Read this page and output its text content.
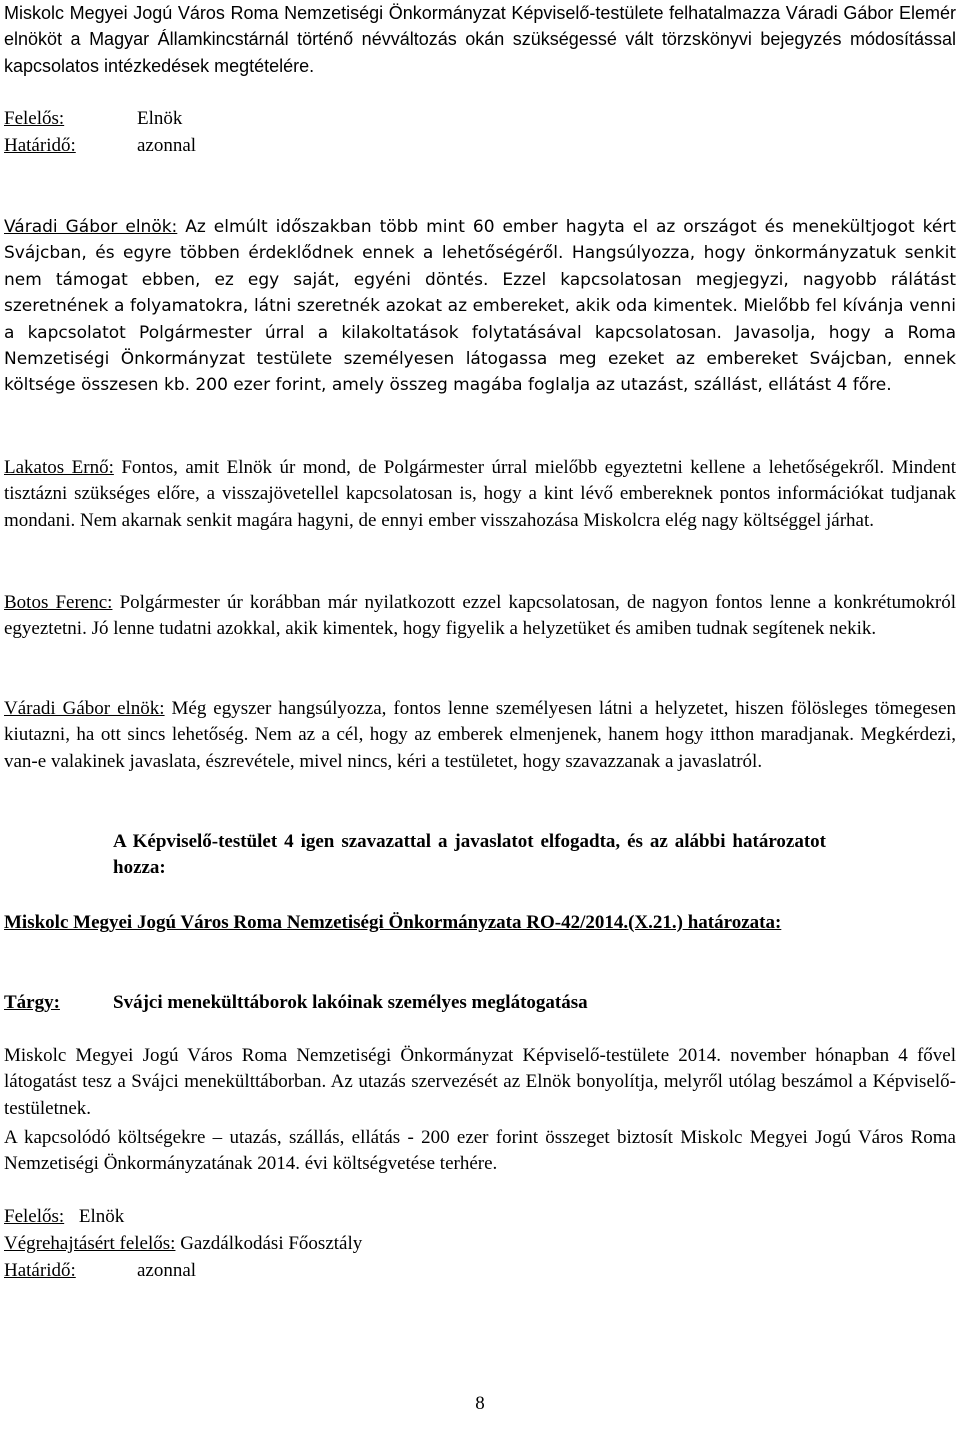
Miskolc Megyei Jogú Város Roma Nemzetiségi Önkormányzat Képviselő-testülete felhatalmazza Váradi Gábor Elemér elnököt a Magyar Államkincstárnál történő névváltozás okán szükségessé vált törzskönyvi bejegyzés módosítással kapcsolatos intézkedések megtételére.

Felelős:	Elnök

Határidő:	azonnal

Váradi Gábor elnök: Az elmúlt időszakban több mint 60 ember hagyta el az országot és menekültjogot kért Svájcban, és egyre többen érdeklődnek ennek a lehetőségéről. Hangsúlyozza, hogy önkormányzatuk senkit nem támogat ebben, ez egy saját, egyéni döntés. Ezzel kapcsolatosan megjegyzi, nagyobb rálátást szeretnének a folyamatokra, látni szeretnék azokat az embereket, akik oda kimentek. Mielőbb fel kívánja venni a kapcsolatot Polgármester úrral a kilakoltatások folytatásával kapcsolatosan. Javasolja, hogy a Roma Nemzetiségi Önkormányzat testülete személyesen látogassa meg ezeket az embereket Svájcban, ennek költsége összesen kb. 200 ezer forint, amely összeg magába foglalja az utazást, szállást, ellátást 4 főre.

Lakatos Ernő: Fontos, amit Elnök úr mond, de Polgármester úrral mielőbb egyeztetni kellene a lehetőségekről. Mindent tisztázni szükséges előre, a visszajövetellel kapcsolatosan is, hogy a kint lévő embereknek pontos információkat tudjanak mondani. Nem akarnak senkit magára hagyni, de ennyi ember visszahozása Miskolcra elég nagy költséggel járhat.

Botos Ferenc: Polgármester úr korábban már nyilatkozott ezzel kapcsolatosan, de nagyon fontos lenne a konkrétumokról egyeztetni. Jó lenne tudatni azokkal, akik kimentek, hogy figyelik a helyzetüket és amiben tudnak segítenek nekik.

Váradi Gábor elnök: Még egyszer hangsúlyozza, fontos lenne személyesen látni a helyzetet, hiszen fölösleges tömegesen kiutazni, ha ott sincs lehetőség. Nem az a cél, hogy az emberek elmenjenek, hanem hogy itthon maradjanak. Megkérdezi, van-e valakinek javaslata, észrevétele, mivel nincs, kéri a testületet, hogy szavazzanak a javaslatról.

A Képviselő-testület 4 igen szavazattal a javaslatot elfogadta, és az alábbi határozatot hozza:

Miskolc Megyei Jogú Város Roma Nemzetiségi Önkormányzata RO-42/2014.(X.21.) határozata:

Tárgy:	Svájci menekülttáborok lakóinak személyes meglátogatása

Miskolc Megyei Jogú Város Roma Nemzetiségi Önkormányzat Képviselő-testülete 2014. november hónapban 4 fővel látogatást tesz a Svájci menekülttáborban. Az utazás szervezését az Elnök bonyolítja, melyről utólag beszámol a Képviselő-testületnek.

A kapcsolódó költségekre – utazás, szállás, ellátás - 200 ezer forint összeget biztosít Miskolc Megyei Jogú Város Roma Nemzetiségi Önkormányzatának 2014. évi költségvetése terhére.

Felelős: Elnök

Végrehajtásért felelős: Gazdálkodási Főosztály

Határidő:	azonnal

8
